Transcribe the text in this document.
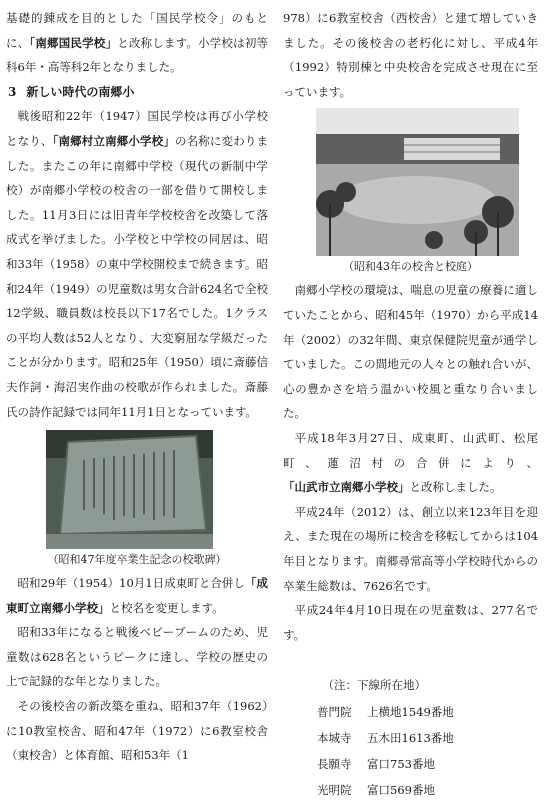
基礎的錬成を目的とした「国民学校令」のもとに、「南郷国民学校」と改称します。小学校は初等科6年・高等科2年となりました。

3 新しい時代の南郷小

戦後昭和22年（1947）国民学校は再び小学校となり、「南郷村立南郷小学校」の名称に変わりました。またこの年に南郷中学校（現代の新制中学校）が南郷小学校の校舎の一部を借りて開校しました。11月3日には旧青年学校校舎を改築して落成式を挙げました。小学校と中学校の同居は、昭和33年（1958）の東中学校開校まで続きます。昭和24年（1949）の児童数は男女合計624名で全校12学級、職員数は校長以下17名でした。1クラスの平均人数は52人となり、大変窮屈な学級だったことが分かります。昭和25年（1950）頃に斎藤信夫作詞・海沼実作曲の校歌が作られました。斎藤氏の詩作記録では同年11月1日となっています。

（昭和47年度卒業生記念の校歌碑）

昭和29年（1954）10月1日成東町と合併し「成東町立南郷小学校」と校名を変更します。

昭和33年になると戦後ベビーブームのため、児童数は628名というピークに達し、学校の歴史の上で記録的な年となりました。

その後校舎の新改築を重ね、昭和37年（1962）に10教室校舎、昭和47年（1972）に6教室校舎（東校舎）と体育館、昭和53年（1

978）に6教室校舎（西校舎）と建て増していきました。その後校舎の老朽化に対し、平成4年（1992）特別棟と中央校舎を完成させ現在に至っています。

（昭和43年の校舎と校庭）

南郷小学校の環境は、喘息の児童の療養に適していたことから、昭和45年（1970）から平成14年（2002）の32年間、東京保健院児童が通学していました。この間地元の人々との触れ合いが、心の豊かさを培う温かい校風と重なり合いました。

平成18年3月27日、成東町、山武町、松尾町、蓮沼村の合併により、「山武市立南郷小学校」と改称しました。

平成24年（2012）は、創立以来123年目を迎え、また現在の場所に校舎を移転してからは104年目となります。南郷尋常高等小学校時代からの卒業生総数は、7626名です。

平成24年4月10日現在の児童数は、277名です。

（注：下線所在地）

普門院	上横地1549番地
本城寺	五木田1613番地
長願寺	富口753番地
光明院	富口569番地
